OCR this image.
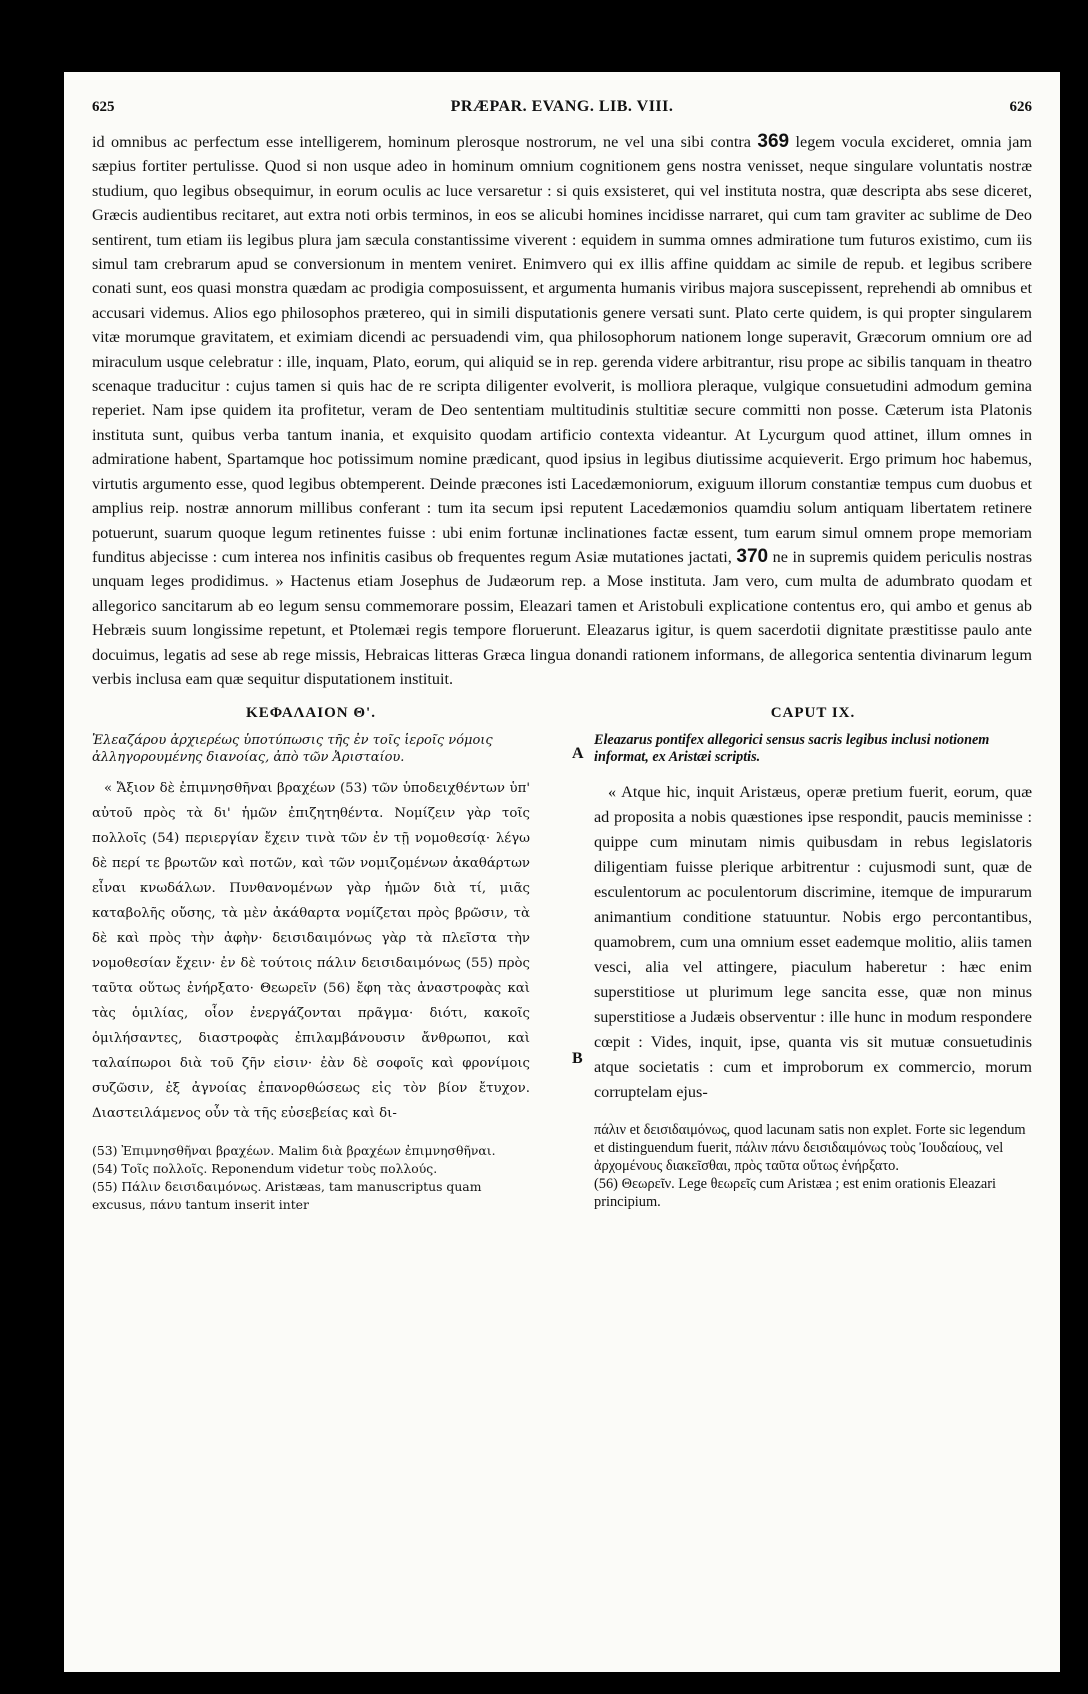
625	PRÆPAR. EVANG. LIB. VIII.	626

id omnibus ac perfectum esse intelligerem, hominum plerosque nostrorum, ne vel una sibi contra 369 legem vocula excideret, omnia jam sæpius fortiter pertulisse. Quod si non usque adeo in hominum omnium cognitionem gens nostra venisset, neque singulare voluntatis nostræ studium, quo legibus obsequimur, in eorum oculis ac luce versaretur : si quis exsisteret, qui vel instituta nostra, quæ descripta abs sese diceret, Græcis audientibus recitaret, aut extra noti orbis terminos, in eos se alicubi homines incidisse narraret, qui cum tam graviter ac sublime de Deo sentirent, tum etiam iis legibus plura jam sæcula constantissime viverent : equidem in summa omnes admiratione tum futuros existimo, cum iis simul tam crebrarum apud se conversionum in mentem veniret. Enimvero qui ex illis affine quiddam ac simile de repub. et legibus scribere conati sunt, eos quasi monstra quædam ac prodigia composuissent, et argumenta humanis viribus majora suscepissent, reprehendi ab omnibus et accusari videmus. Alios ego philosophos prætereo, qui in simili disputationis genere versati sunt. Plato certe quidem, is qui propter singularem vitæ morumque gravitatem, et eximiam dicendi ac persuadendi vim, qua philosophorum nationem longe superavit, Græcorum omnium ore ad miraculum usque celebratur : ille, inquam, Plato, eorum, qui aliquid se in rep. gerenda videre arbitrantur, risu prope ac sibilis tanquam in theatro scenaque traducitur : cujus tamen si quis hac de re scripta diligenter evolverit, is molliora pleraque, vulgique consuetudini admodum gemina reperiet. Nam ipse quidem ita profitetur, veram de Deo sententiam multitudinis stultitiæ secure committi non posse. Cæterum ista Platonis instituta sunt, quibus verba tantum inania, et exquisito quodam artificio contexta videantur. At Lycurgum quod attinet, illum omnes in admiratione habent, Spartamque hoc potissimum nomine prædicant, quod ipsius in legibus diutissime acquieverit. Ergo primum hoc habemus, virtutis argumento esse, quod legibus obtemperent. Deinde præcones isti Lacedæmoniorum, exiguum illorum constantiæ tempus cum duobus et amplius reip. nostræ annorum millibus conferant : tum ita secum ipsi reputent Lacedæmonios quamdiu solum antiquam libertatem retinere potuerunt, suarum quoque legum retinentes fuisse : ubi enim fortunæ inclinationes factæ essent, tum earum simul omnem prope memoriam funditus abjecisse : cum interea nos infinitis casibus ob frequentes regum Asiæ mutationes jactati, 370 ne in supremis quidem periculis nostras unquam leges prodidimus. » Hactenus etiam Josephus de Judæorum rep. a Mose instituta. Jam vero, cum multa de adumbrato quodam et allegorico sancitarum ab eo legum sensu commemorare possim, Eleazari tamen et Aristobuli explicatione contentus ero, qui ambo et genus ab Hebræis suum longissime repetunt, et Ptolemæi regis tempore floruerunt. Eleazarus igitur, is quem sacerdotii dignitate præstitisse paulo ante docuimus, legatis ad sese ab rege missis, Hebraicas litteras Græca lingua donandi rationem informans, de allegorica sententia divinarum legum verbis inclusa eam quæ sequitur disputationem instituit.

ΚΕΦΑΛΑΙΟΝ Θ'.
Ἐλεαζάρου ἀρχιερέως ὑποτύπωσις τῆς ἐν τοῖς ἱεροῖς νόμοις ἀλληγορουμένης διανοίας, ἀπὸ τῶν Ἀρισταίου.
« Ἄξιον δὲ ἐπιμνησθῆναι βραχέων (53) τῶν ὑποδειχθέντων ὑπ' αὐτοῦ πρὸς τὰ δι' ἡμῶν ἐπιζητηθέντα. Νομίζειν γὰρ τοῖς πολλοῖς (54) περιεργίαν ἔχειν τινὰ τῶν ἐν τῇ νομοθεσίᾳ· λέγω δὲ περί τε βρωτῶν καὶ ποτῶν, καὶ τῶν νομιζομένων ἀκαθάρτων εἶναι κνωδάλων. Πυνθανομένων γὰρ ἡμῶν διὰ τί, μιᾶς καταβολῆς οὔσης, τὰ μὲν ἀκάθαρτα νομίζεται πρὸς βρῶσιν, τὰ δὲ καὶ πρὸς τὴν ἀφὴν· δεισιδαιμόνως γὰρ τὰ πλεῖστα τὴν νομοθεσίαν ἔχειν· ἐν δὲ τούτοις πάλιν δεισιδαιμόνως (55) πρὸς ταῦτα οὕτως ἐνήρξατο· Θεωρεῖν (56) ἔφη τὰς ἀναστροφὰς καὶ τὰς ὁμιλίας, οἷον ἐνεργάζονται πρᾶγμα· διότι, κακοῖς ὁμιλήσαντες, διαστροφὰς ἐπιλαμβάνουσιν ἄνθρωποι, καὶ ταλαίπωροι διὰ τοῦ ζῆν εἰσιν· ἐὰν δὲ σοφοῖς καὶ φρονίμοις συζῶσιν, ἐξ ἀγνοίας ἐπανορθώσεως εἰς τὸν βίον ἔτυχον. Διαστειλάμενος οὖν τὰ τῆς εὐσεβείας καὶ δι-

(53) Ἐπιμνησθῆναι βραχέων. Malim διὰ βραχέων ἐπιμνησθῆναι.

(54) Τοῖς πολλοῖς. Reponendum videtur τοὺς πολλούς.

(55) Πάλιν δεισιδαιμόνως. Aristæas, tam manuscriptus quam excusus, πάνυ tantum inserit inter

A
B
CAPUT IX.
Eleazarus pontifex allegorici sensus sacris legibus inclusi notionem informat, ex Aristæi scriptis.
« Atque hic, inquit Aristæus, operæ pretium fuerit, eorum, quæ ad proposita a nobis quæstiones ipse respondit, paucis meminisse : quippe cum minutam nimis quibusdam in rebus legislatoris diligentiam fuisse plerique arbitrentur : cujusmodi sunt, quæ de esculentorum ac poculentorum discrimine, itemque de impurarum animantium conditione statuuntur. Nobis ergo percontantibus, quamobrem, cum una omnium esset eademque molitio, aliis tamen vesci, alia vel attingere, piaculum haberetur : hæc enim superstitiose ut plurimum lege sancita esse, quæ non minus superstitiose a Judæis observentur : ille hunc in modum respondere cœpit : Vides, inquit, ipse, quanta vis sit mutuæ consuetudinis atque societatis : cum et improborum ex commercio, morum corruptelam ejus-

πάλιν et δεισιδαιμόνως, quod lacunam satis non explet. Forte sic legendum et distinguendum fuerit, πάλιν πάνυ δεισιδαιμόνως τοὺς Ἰουδαίους, vel ἀρχομένους διακεῖσθαι, πρὸς ταῦτα οὕτως ἐνήρξατο.

(56) Θεωρεῖν. Lege θεωρεῖς cum Aristæa ; est enim orationis Eleazari principium.
